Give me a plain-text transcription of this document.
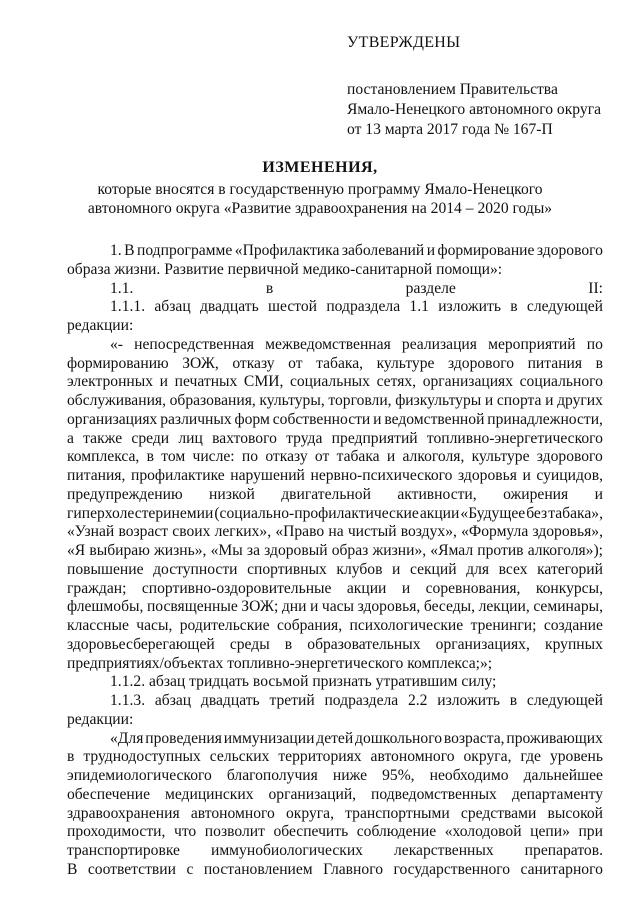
УТВЕРЖДЕНЫ
постановлением Правительства
Ямало-Ненецкого автономного округа
от 13 марта 2017 года № 167-П
ИЗМЕНЕНИЯ,
которые вносятся в государственную программу Ямало-Ненецкого
автономного округа «Развитие здравоохранения на 2014 – 2020 годы»
1. В подпрограмме «Профилактика заболеваний и формирование здорового
образа жизни. Развитие первичной медико-санитарной помощи»:
1.1.	в	разделе	II:
1.1.1. абзац двадцать шестой подраздела 1.1 изложить в следующей
редакции:
«- непосредственная межведомственная реализация мероприятий по
формированию ЗОЖ, отказу от табака, культуре здорового питания в
электронных и печатных СМИ, социальных сетях, организациях социального
обслуживания, образования, культуры, торговли, физкультуры и спорта и других
организациях различных форм собственности и ведомственной принадлежности,
а также среди лиц вахтового труда предприятий топливно-энергетического
комплекса, в том числе: по отказу от табака и алкоголя, культуре здорового
питания, профилактике нарушений нервно-психического здоровья и суицидов,
предупреждению низкой двигательной активности, ожирения и
гиперхолестеринемии (социально-профилактические акции «Будущее без табака»,
«Узнай возраст своих легких», «Право на чистый воздух», «Формула здоровья»,
«Я выбираю жизнь», «Мы за здоровый образ жизни», «Ямал против алкоголя»);
повышение доступности спортивных клубов и секций для всех категорий
граждан; спортивно-оздоровительные акции и соревнования, конкурсы,
флешмобы, посвященные ЗОЖ; дни и часы здоровья, беседы, лекции, семинары,
классные часы, родительские собрания, психологические тренинги; создание
здоровьесберегающей среды в образовательных организациях, крупных
предприятиях/объектах топливно-энергетического комплекса;»;
1.1.2. абзац тридцать восьмой признать утратившим силу;
1.1.3. абзац двадцать третий подраздела 2.2 изложить в следующей
редакции:
«Для проведения иммунизации детей дошкольного возраста, проживающих
в труднодоступных сельских территориях автономного округа, где уровень
эпидемиологического благополучия ниже 95%, необходимо дальнейшее
обеспечение медицинских организаций, подведомственных департаменту
здравоохранения автономного округа, транспортными средствами высокой
проходимости, что позволит обеспечить соблюдение «холодовой цепи» при
транспортировке иммунобиологических лекарственных препаратов.
В соответствии с постановлением Главного государственного санитарного
